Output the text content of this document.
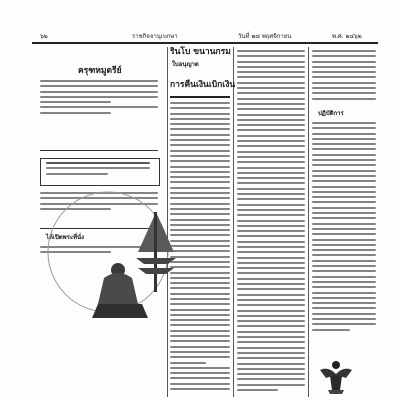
๖๒	ราชกิจจานุเบกษา	วันที่ ๒๘ พฤศจิกายน	พ.ศ. ๒๔๖๒
ครุฑหมูตรีย์
ได้เปิดพระที่นั่ง
รินโบ ขนานกรม
ใบอนุญาต
การคืนเงินเบิกเงิน
ปฏิบัติการ
